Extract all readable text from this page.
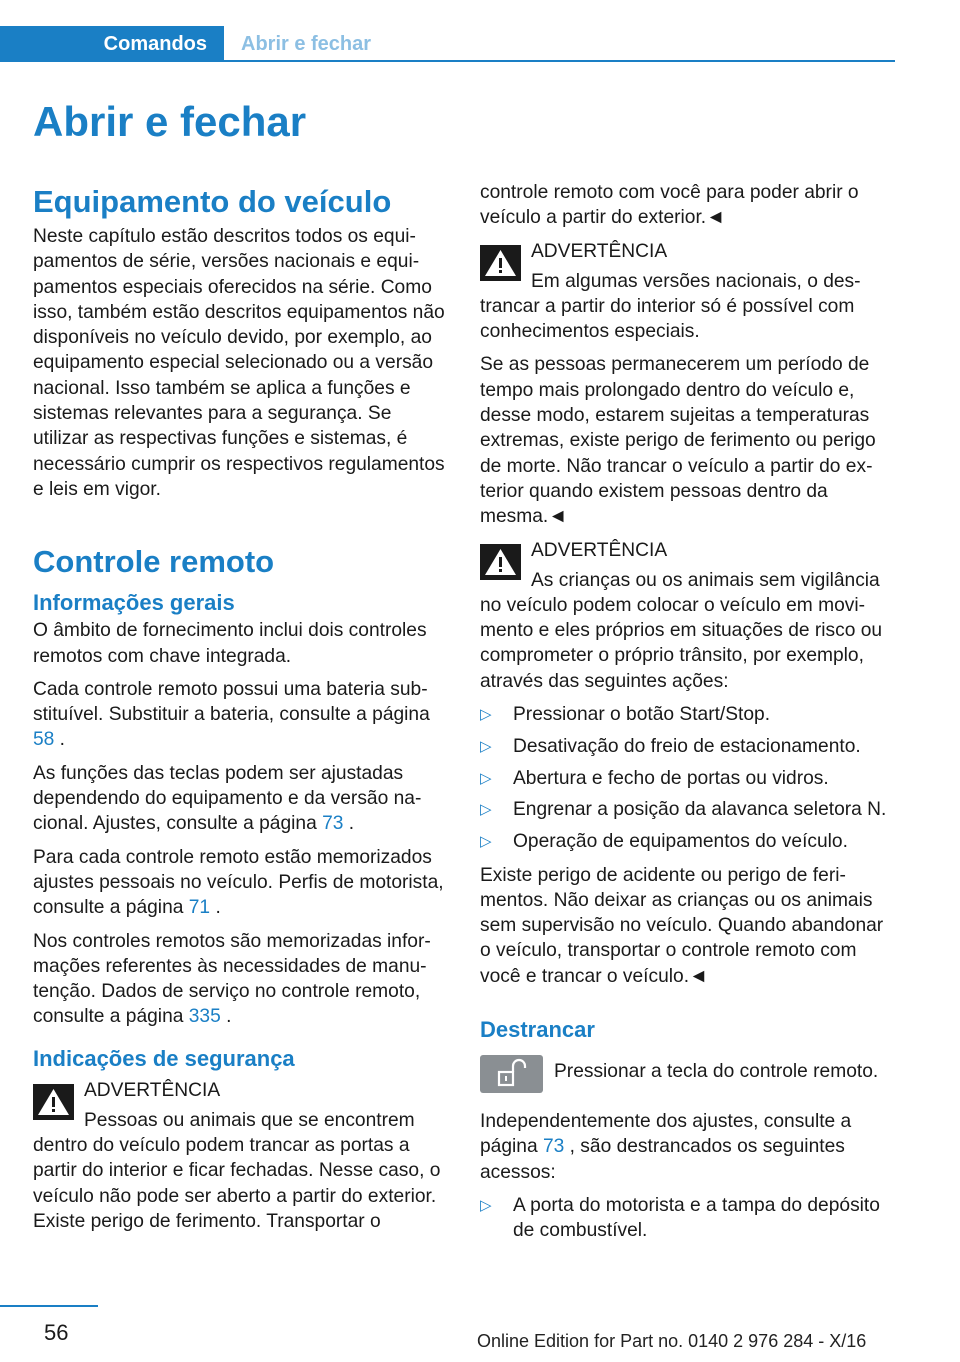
Comandos Abrir e fechar
Abrir e fechar
Equipamento do veículo

Neste capítulo estão descritos todos os equipamentos de série, versões nacionais e equipamentos especiais oferecidos na série. Como isso, também estão descritos equipamentos não disponíveis no veículo devido, por exemplo, ao equipamento especial selecionado ou a versão nacional. Isso também se aplica a funções e sistemas relevantes para a segurança. Se utilizar as respectivas funções e sistemas, é necessário cumprir os respectivos regulamentos e leis em vigor.

Controle remoto
Informações gerais

O âmbito de fornecimento inclui dois controles remotos com chave integrada.

Cada controle remoto possui uma bateria substituível. Substituir a bateria, consulte a página 58 .

As funções das teclas podem ser ajustadas dependendo do equipamento e da versão nacional. Ajustes, consulte a página 73 .

Para cada controle remoto estão memorizados ajustes pessoais no veículo. Perfis de motorista, consulte a página 71 .

Nos controles remotos são memorizadas informações referentes às necessidades de manutenção. Dados de serviço no controle remoto, consulte a página 335 .

Indicações de segurança
ADVERTÊNCIA

Pessoas ou animais que se encontrem dentro do veículo podem trancar as portas a partir do interior e ficar fechadas. Nesse caso, o veículo não pode ser aberto a partir do exterior. Existe perigo de ferimento. Transportar o

controle remoto com você para poder abrir o veículo a partir do exterior.◄

ADVERTÊNCIA

Em algumas versões nacionais, o destrancar a partir do interior só é possível com conhecimentos especiais.

Se as pessoas permanecerem um período de tempo mais prolongado dentro do veículo e, desse modo, estarem sujeitas a temperaturas extremas, existe perigo de ferimento ou perigo de morte. Não trancar o veículo a partir do exterior quando existem pessoas dentro da mesma.◄

ADVERTÊNCIA

As crianças ou os animais sem vigilância no veículo podem colocar o veículo em movimento e eles próprios em situações de risco ou comprometer o próprio trânsito, por exemplo, através das seguintes ações:

▷ Pressionar o botão Start/Stop.
▷ Desativação do freio de estacionamento.
▷ Abertura e fecho de portas ou vidros.
▷ Engrenar a posição da alavanca seletora N.
▷ Operação de equipamentos do veículo.

Existe perigo de acidente ou perigo de ferimentos. Não deixar as crianças ou os animais sem supervisão no veículo. Quando abandonar o veículo, transportar o controle remoto com você e trancar o veículo.◄

Destrancar

Pressionar a tecla do controle remoto.

Independentemente dos ajustes, consulte a página 73 , são destrancados os seguintes acessos:

▷ A porta do motorista e a tampa do depósito de combustível.
56	Online Edition for Part no. 0140 2 976 284 - X/16
